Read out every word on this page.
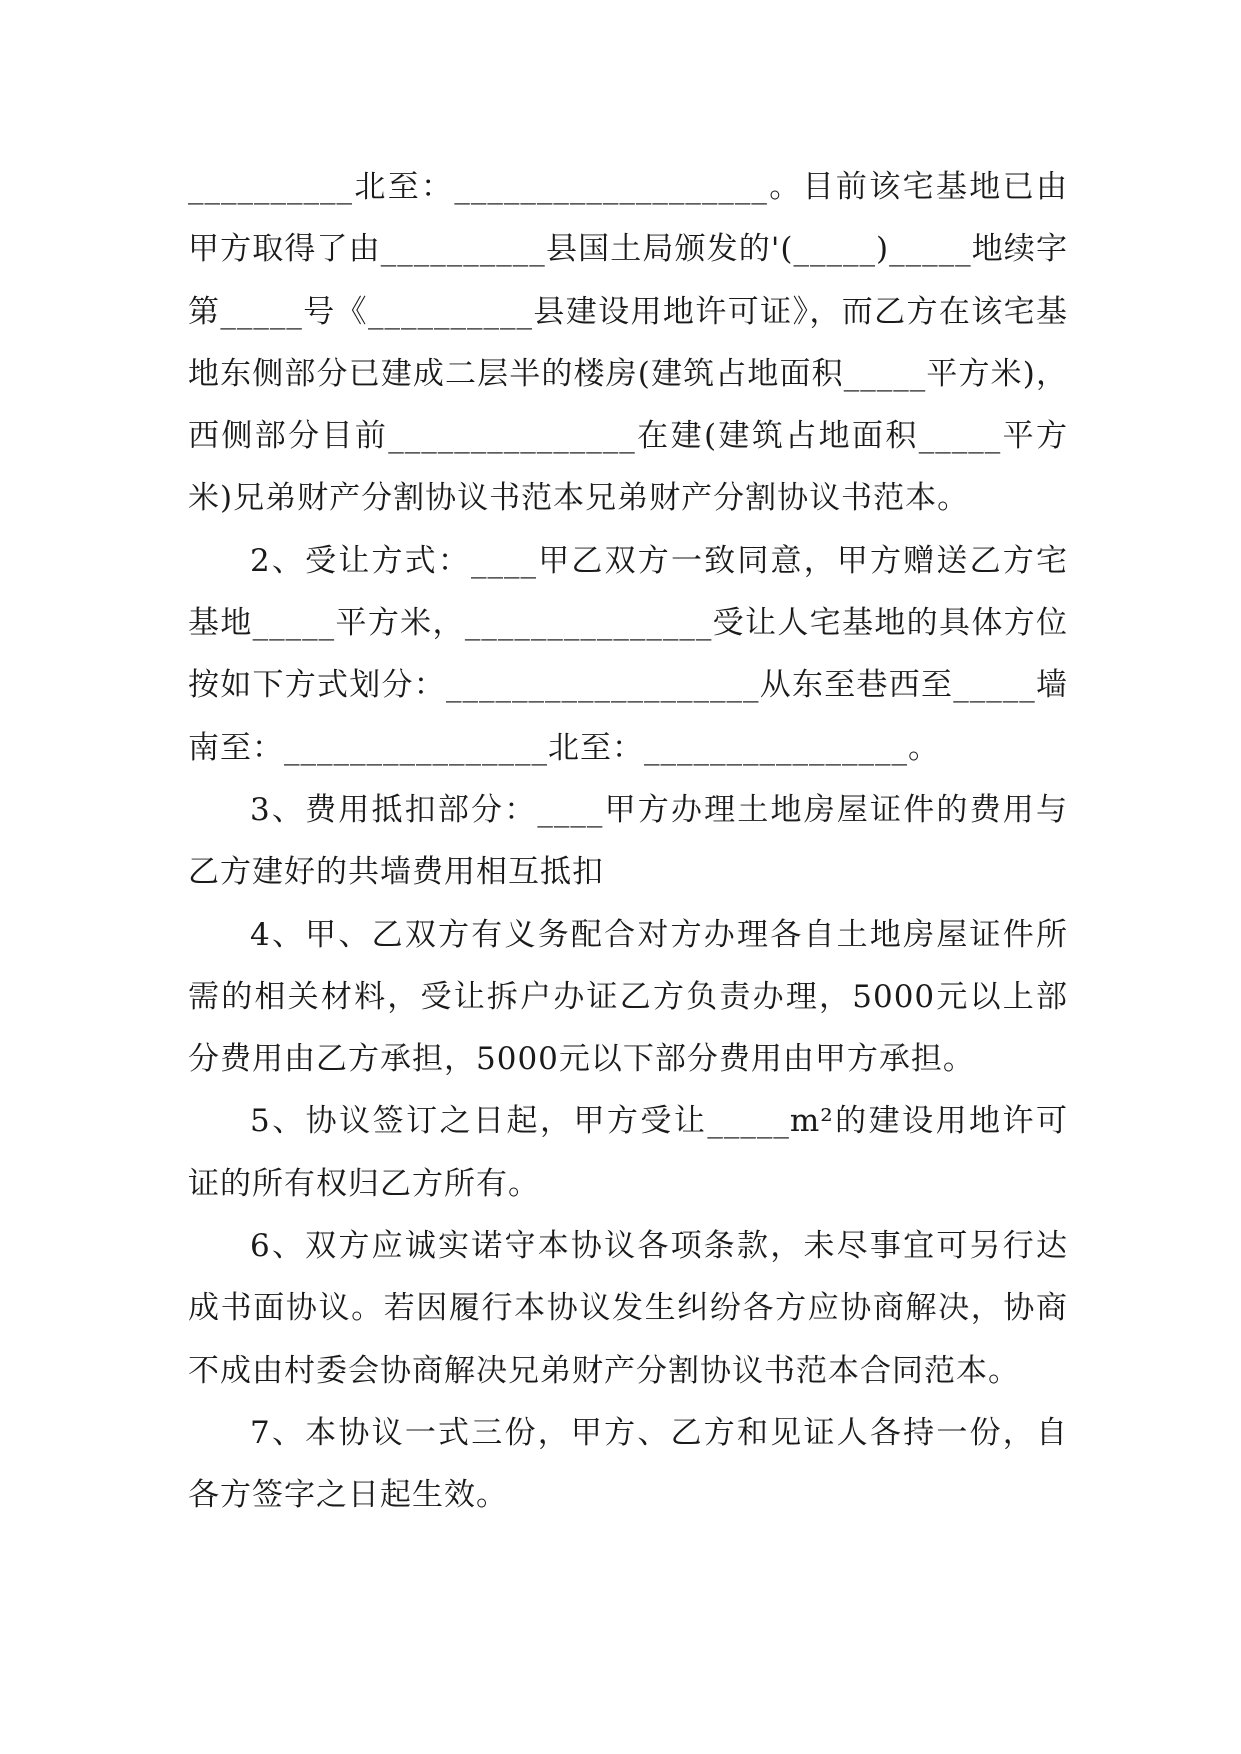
__________北至：___________________。目前该宅基地已由甲方取得了由__________县国土局颁发的'(_____)_____地续字第_____号《__________县建设用地许可证》，而乙方在该宅基地东侧部分已建成二层半的楼房(建筑占地面积_____平方米)，西侧部分目前_______________在建(建筑占地面积_____平方米)兄弟财产分割协议书范本兄弟财产分割协议书范本。

2、受让方式：____甲乙双方一致同意，甲方赠送乙方宅基地_____平方米，_______________受让人宅基地的具体方位按如下方式划分：___________________从东至巷西至_____墙南至：________________北至：________________。

3、费用抵扣部分：____甲方办理土地房屋证件的费用与乙方建好的共墙费用相互抵扣

4、甲、乙双方有义务配合对方办理各自土地房屋证件所需的相关材料，受让拆户办证乙方负责办理，5000元以上部分费用由乙方承担，5000元以下部分费用由甲方承担。

5、协议签订之日起，甲方受让_____m²的建设用地许可证的所有权归乙方所有。

6、双方应诚实诺守本协议各项条款，未尽事宜可另行达成书面协议。若因履行本协议发生纠纷各方应协商解决，协商不成由村委会协商解决兄弟财产分割协议书范本合同范本。

7、本协议一式三份，甲方、乙方和见证人各持一份，自各方签字之日起生效。
